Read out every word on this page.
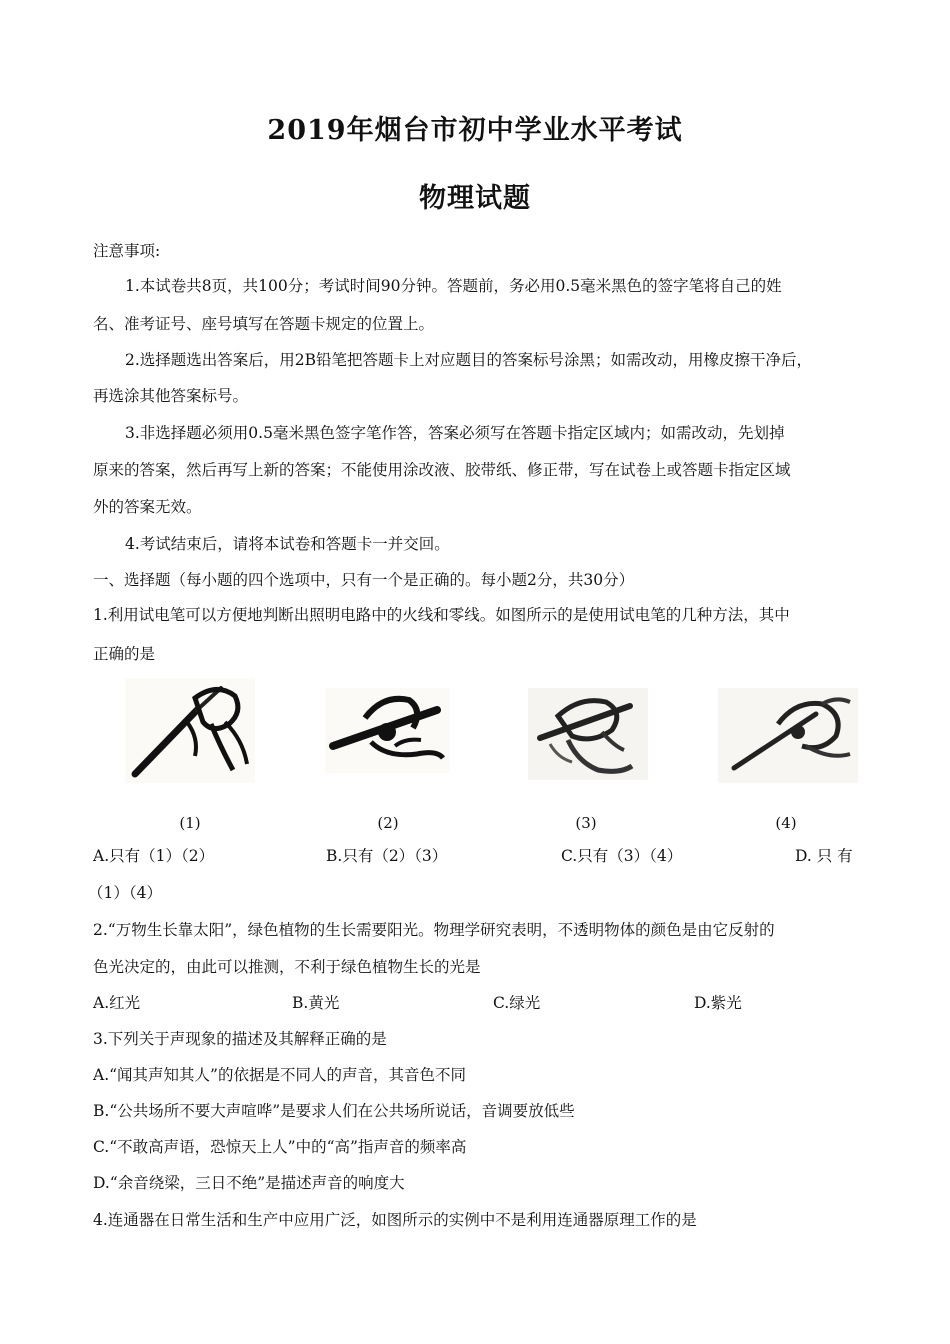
2019年烟台市初中学业水平考试
物理试题
注意事项:
1.本试卷共8页，共100分；考试时间90分钟。答题前，务必用0.5毫米黑色的签字笔将自己的姓
名、准考证号、座号填写在答题卡规定的位置上。
2.选择题选出答案后，用2B铅笔把答题卡上对应题目的答案标号涂黑；如需改动，用橡皮擦干净后，
再选涂其他答案标号。
3.非选择题必须用0.5毫米黑色签字笔作答，答案必须写在答题卡指定区域内；如需改动，先划掉
原来的答案，然后再写上新的答案；不能使用涂改液、胶带纸、修正带，写在试卷上或答题卡指定区域
外的答案无效。
4.考试结束后，请将本试卷和答题卡一并交回。
一、选择题（每小题的四个选项中，只有一个是正确的。每小题2分，共30分）
1.利用试电笔可以方便地判断出照明电路中的火线和零线。如图所示的是使用试电笔的几种方法，其中
正确的是
(1)	(2)	(3)	(4)
A.只有（1）（2）	B.只有（2）（3）	C.只有（3）（4）	D. 只 有
（1）（4）
2.“万物生长靠太阳”，绿色植物的生长需要阳光。物理学研究表明，不透明物体的颜色是由它反射的
色光决定的，由此可以推测，不利于绿色植物生长的光是
A.红光	B.黄光	C.绿光	D.紫光
3.下列关于声现象的描述及其解释正确的是
A.“闻其声知其人”的依据是不同人的声音，其音色不同
B.“公共场所不要大声喧哗”是要求人们在公共场所说话，音调要放低些
C.“不敢高声语，恐惊天上人”中的“高”指声音的频率高
D.“余音绕梁，三日不绝”是描述声音的响度大
4.连通器在日常生活和生产中应用广泛，如图所示的实例中不是利用连通器原理工作的是
